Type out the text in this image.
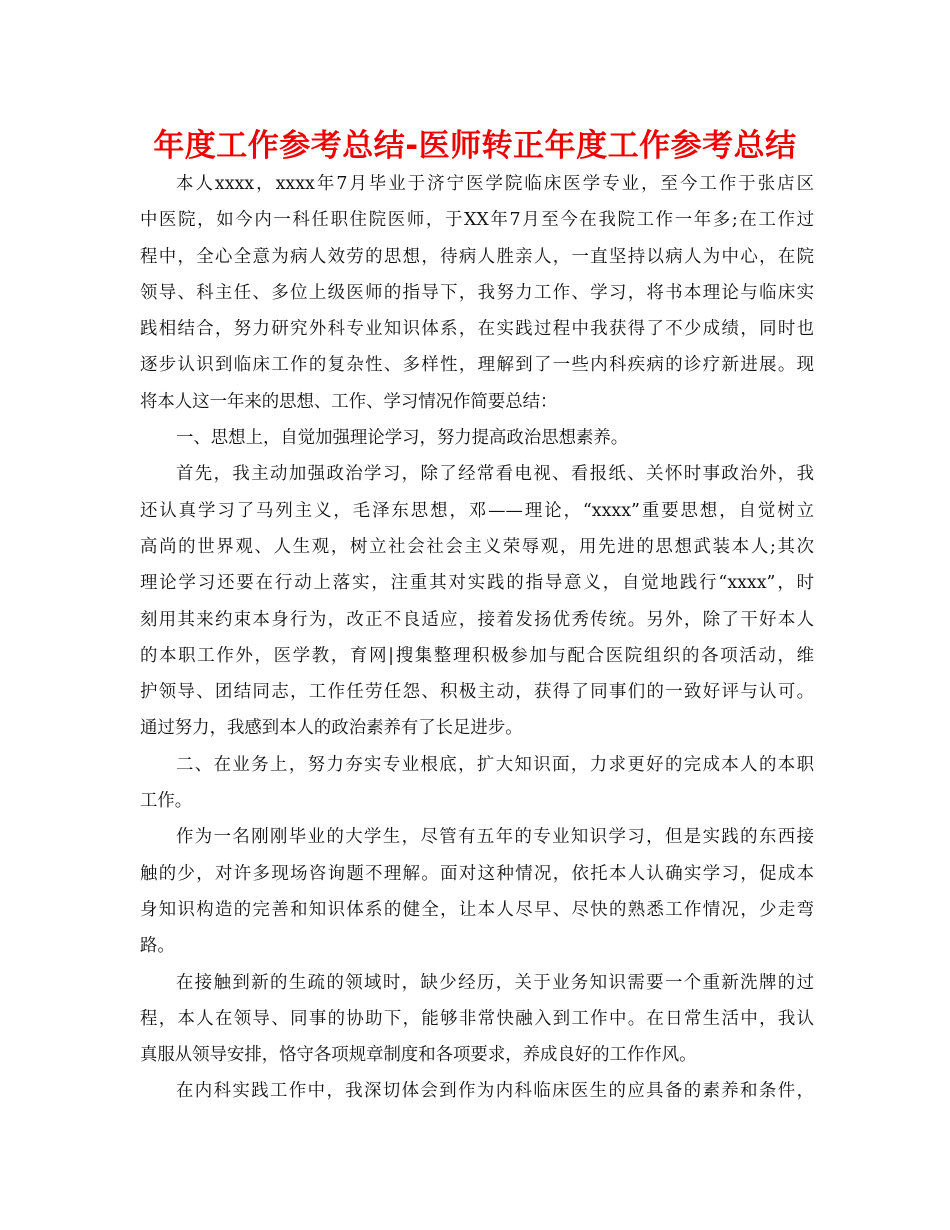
年度工作参考总结-医师转正年度工作参考总结
本人xxxx，xxxx年7月毕业于济宁医学院临床医学专业，至今工作于张店区
中医院，如今内一科任职住院医师，于XX年7月至今在我院工作一年多;在工作过
程中，全心全意为病人效劳的思想，待病人胜亲人，一直坚持以病人为中心，在院
领导、科主任、多位上级医师的指导下，我努力工作、学习，将书本理论与临床实
践相结合，努力研究外科专业知识体系，在实践过程中我获得了不少成绩，同时也
逐步认识到临床工作的复杂性、多样性，理解到了一些内科疾病的诊疗新进展。现
将本人这一年来的思想、工作、学习情况作简要总结：
一、思想上，自觉加强理论学习，努力提高政治思想素养。
首先，我主动加强政治学习，除了经常看电视、看报纸、关怀时事政治外，我
还认真学习了马列主义，毛泽东思想，邓——理论，“xxxx”重要思想，自觉树立
高尚的世界观、人生观，树立社会社会主义荣辱观，用先进的思想武装本人;其次
理论学习还要在行动上落实，注重其对实践的指导意义，自觉地践行“xxxx”，时
刻用其来约束本身行为，改正不良适应，接着发扬优秀传统。另外，除了干好本人
的本职工作外，医学教，育网|搜集整理积极参加与配合医院组织的各项活动，维
护领导、团结同志，工作任劳任怨、积极主动，获得了同事们的一致好评与认可。
通过努力，我感到本人的政治素养有了长足进步。
二、在业务上，努力夯实专业根底，扩大知识面，力求更好的完成本人的本职
工作。
作为一名刚刚毕业的大学生，尽管有五年的专业知识学习，但是实践的东西接
触的少，对许多现场咨询题不理解。面对这种情况，依托本人认确实学习，促成本
身知识构造的完善和知识体系的健全，让本人尽早、尽快的熟悉工作情况，少走弯
路。
在接触到新的生疏的领域时，缺少经历，关于业务知识需要一个重新洗牌的过
程，本人在领导、同事的协助下，能够非常快融入到工作中。在日常生活中，我认
真服从领导安排，恪守各项规章制度和各项要求，养成良好的工作作风。
在内科实践工作中，我深切体会到作为内科临床医生的应具备的素养和条件，
